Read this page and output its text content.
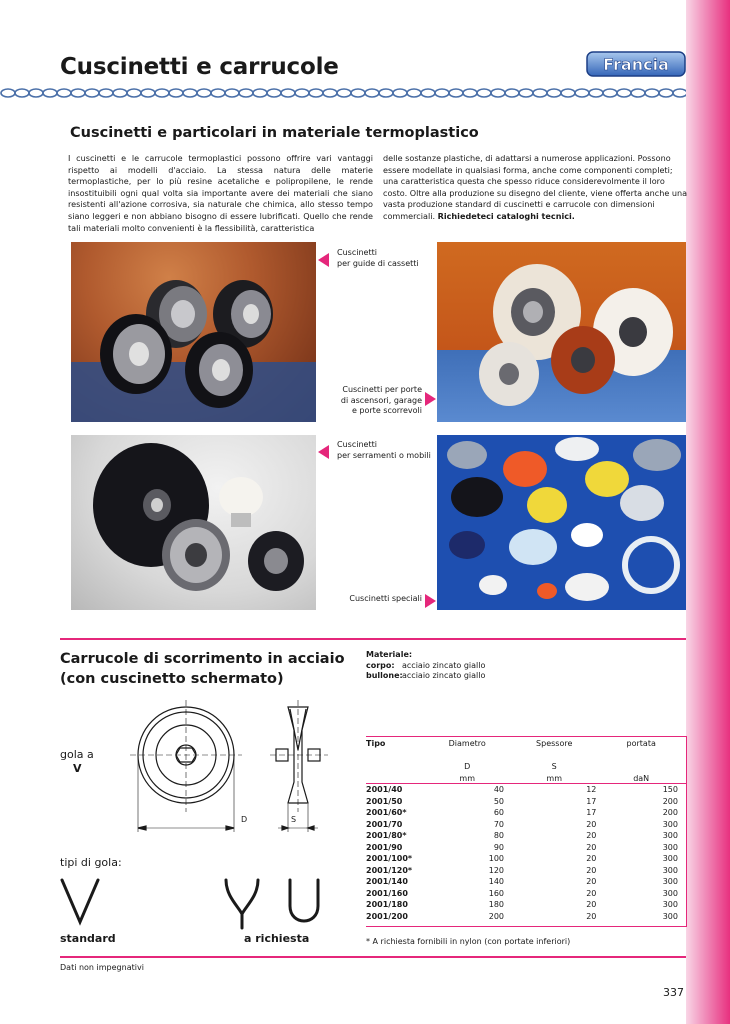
Cuscinetti e carrucole	Francia
Cuscinetti e particolari in materiale termoplastico
I cuscinetti e le carrucole termoplastici possono offrire vari vantaggi rispetto ai modelli d'acciaio. La stessa natura delle materie termoplastiche, per lo più resine acetaliche e polipropilene, le rende insostituibili ogni qual volta sia importante avere dei materiali che siano resistenti all'azione corrosiva, sia naturale che chimica, allo stesso tempo siano leggeri e non abbiano bisogno di essere lubrificati. Quello che rende tali materiali molto convenienti è la flessibilità, caratteristica
delle sostanze plastiche, di adattarsi a numerose applicazioni. Possono essere modellate in qualsiasi forma, anche come componenti completi; una caratteristica questa che spesso riduce considerevolmente il loro costo. Oltre alla produzione su disegno del cliente, viene offerta anche una vasta produzione standard di cuscinetti e carrucole con dimensioni commerciali. Richiedeteci cataloghi tecnici.
Cuscinetti
per guide di cassetti
Cuscinetti per porte
di ascensori, garage
e porte scorrevoli
Cuscinetti
per serramenti o mobili
Cuscinetti speciali
Carrucole di scorrimento in acciaio
(con cuscinetto schermato)
Materiale:
corpo: acciaio zincato giallo
bullone:acciaio zincato giallo
D	S
gola a
V
tipi di gola:
standard	a richiesta
Tipo	Diametro	Spessore	portata

	D	S	
	mm	mm	daN
2001/40	40	12	150
2001/50	50	17	200
2001/60*	60	17	200
2001/70	70	20	300
2001/80*	80	20	300
2001/90	90	20	300
2001/100*	100	20	300
2001/120*	120	20	300
2001/140	140	20	300
2001/160	160	20	300
2001/180	180	20	300
2001/200	200	20	300
* A richiesta fornibili in nylon (con portate inferiori)
Dati non impegnativi
337
